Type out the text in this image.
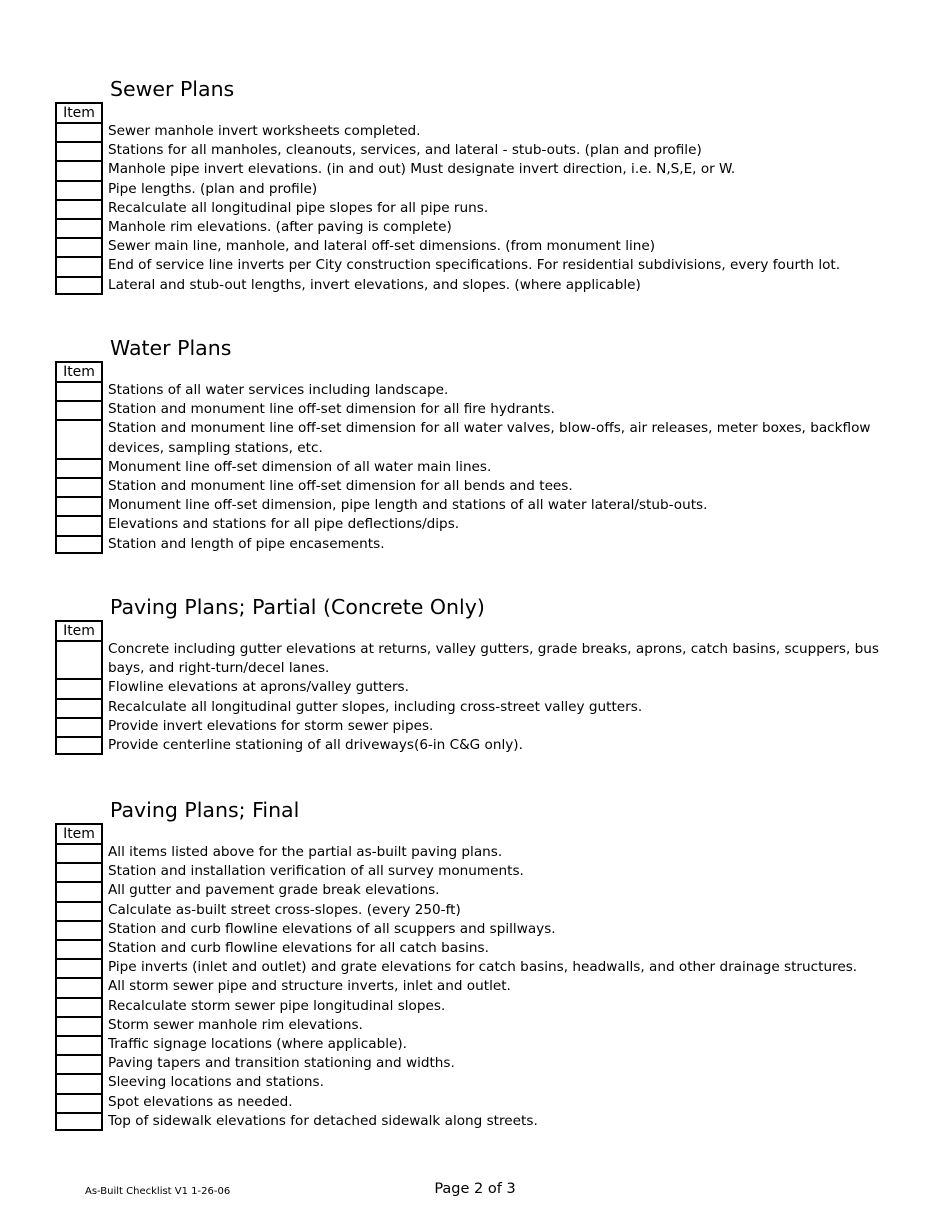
Sewer Plans
Item
Sewer manhole invert worksheets completed.
Stations for all manholes, cleanouts, services, and lateral - stub-outs. (plan and profile)
Manhole pipe invert elevations. (in and out) Must designate invert direction, i.e. N,S,E, or W.
Pipe lengths. (plan and profile)
Recalculate all longitudinal pipe slopes for all pipe runs.
Manhole rim elevations. (after paving is complete)
Sewer main line, manhole, and lateral off-set dimensions. (from monument line)
End of service line inverts per City construction specifications. For residential subdivisions, every fourth lot.
Lateral and stub-out lengths, invert elevations, and slopes. (where applicable)
Water Plans
Item
Stations of all water services including landscape.
Station and monument line off-set dimension for all fire hydrants.
Station and monument line off-set dimension for all water valves, blow-offs, air releases, meter boxes, backflow devices, sampling stations, etc.
Monument line off-set dimension of all water main lines.
Station and monument line off-set dimension for all bends and tees.
Monument line off-set dimension, pipe length and stations of all water lateral/stub-outs.
Elevations and stations for all pipe deflections/dips.
Station and length of pipe encasements.
Paving Plans; Partial (Concrete Only)
Item
Concrete including gutter elevations at returns, valley gutters, grade breaks, aprons, catch basins, scuppers, bus bays, and right-turn/decel lanes.
Flowline elevations at aprons/valley gutters.
Recalculate all longitudinal gutter slopes, including cross-street valley gutters.
Provide invert elevations for storm sewer pipes.
Provide centerline stationing of all driveways(6-in C&G only).
Paving Plans; Final
Item
All items listed above for the partial as-built paving plans.
Station and installation verification of all survey monuments.
All gutter and pavement grade break elevations.
Calculate as-built street cross-slopes. (every 250-ft)
Station and curb flowline elevations of all scuppers and spillways.
Station and curb flowline elevations for all catch basins.
Pipe inverts (inlet and outlet) and grate elevations for catch basins, headwalls, and other drainage structures.
All storm sewer pipe and structure inverts, inlet and outlet.
Recalculate storm sewer pipe longitudinal slopes.
Storm sewer manhole rim elevations.
Traffic signage locations (where applicable).
Paving tapers and transition stationing and widths.
Sleeving locations and stations.
Spot elevations as needed.
Top of sidewalk elevations for detached sidewalk along streets.
As-Built Checklist V1 1-26-06	Page 2 of 3
